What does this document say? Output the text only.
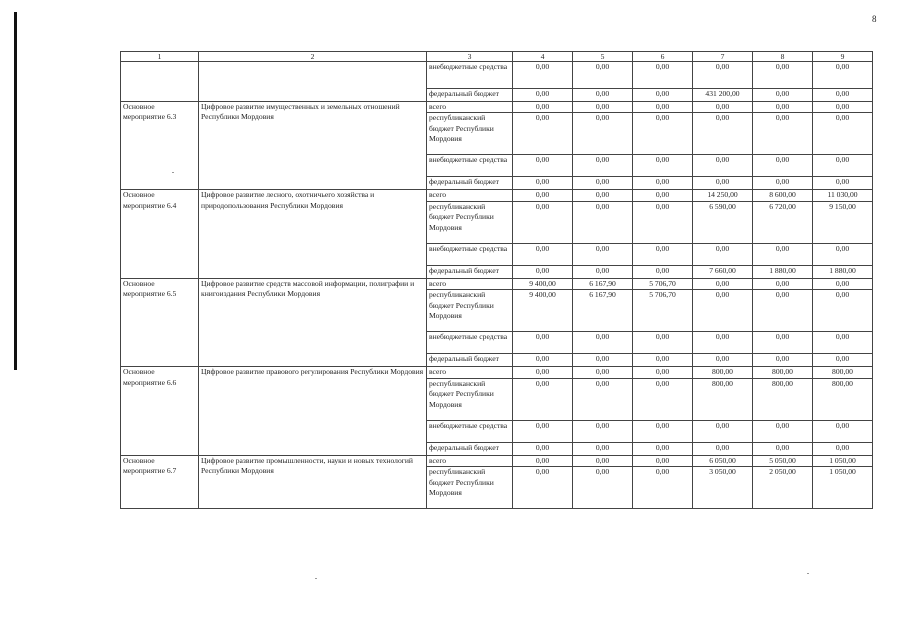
8
1	2	3	4	5	6	7	8	9
		внебюджетные средства	0,00	0,00	0,00	0,00	0,00	0,00
		федеральный бюджет	0,00	0,00	0,00	431 200,00	0,00	0,00
Основное мероприятие 6.3	Цифровое развитие имущественных и земельных отношений Республики Мордовия	всего	0,00	0,00	0,00	0,00	0,00	0,00
		республиканский бюджет Республики Мордовия	0,00	0,00	0,00	0,00	0,00	0,00
		внебюджетные средства	0,00	0,00	0,00	0,00	0,00	0,00
		федеральный бюджет	0,00	0,00	0,00	0,00	0,00	0,00
Основное мероприятие 6.4	Цифровое развитие лесного, охотничьего хозяйства и природопользования Республики Мордовия	всего	0,00	0,00	0,00	14 250,00	8 600,00	11 030,00
		республиканский бюджет Республики Мордовия	0,00	0,00	0,00	6 590,00	6 720,00	9 150,00
		внебюджетные средства	0,00	0,00	0,00	0,00	0,00	0,00
		федеральный бюджет	0,00	0,00	0,00	7 660,00	1 880,00	1 880,00
Основное мероприятие 6.5	Цифровое развитие средств массовой информации, полиграфии и книгоиздания Республики Мордовия	всего	9 400,00	6 167,90	5 706,70	0,00	0,00	0,00
		республиканский бюджет Республики Мордовия	9 400,00	6 167,90	5 706,70	0,00	0,00	0,00
		внебюджетные средства	0,00	0,00	0,00	0,00	0,00	0,00
		федеральный бюджет	0,00	0,00	0,00	0,00	0,00	0,00
Основное мероприятие 6.6	Цифровое развитие правового регулирования Республики Мордовия	всего	0,00	0,00	0,00	800,00	800,00	800,00
		республиканский бюджет Республики Мордовия	0,00	0,00	0,00	800,00	800,00	800,00
		внебюджетные средства	0,00	0,00	0,00	0,00	0,00	0,00
		федеральный бюджет	0,00	0,00	0,00	0,00	0,00	0,00
Основное мероприятие 6.7	Цифровое развитие промышленности, науки и новых технологий Республики Мордовия	всего	0,00	0,00	0,00	6 050,00	5 050,00	1 050,00
		республиканский бюджет Республики Мордовия	0,00	0,00	0,00	3 050,00	2 050,00	1 050,00
